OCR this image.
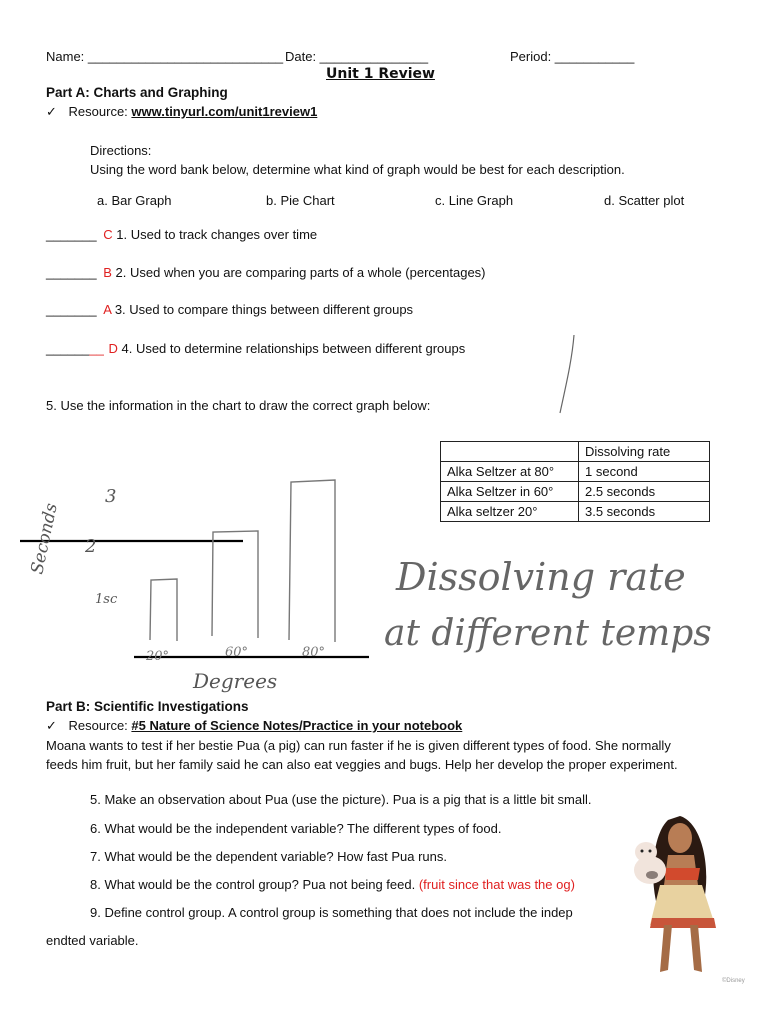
Name: ___________________________ Date: _______________	Period: ___________
Unit 1 Review
Part A: Charts and Graphing
✓ Resource: www.tinyurl.com/unit1review1
Directions:
Using the word bank below, determine what kind of graph would be best for each description.
a. Bar Graph	b. Pie Chart	c. Line Graph	d. Scatter plot
_______ C 1. Used to track changes over time
_______ B 2. Used when you are comparing parts of a whole (percentages)
_______ A 3. Used to compare things between different groups
________ D 4. Used to determine relationships between different groups
5. Use the information in the chart to draw the correct graph below:
	Dissolving rate
Alka Seltzer at 80°	1 second
Alka Seltzer in 60°	2.5 seconds
Alka seltzer 20°	3.5 seconds
Seconds
3
2
1sc
20°	60°	80°
Degrees
Dissolving rate
at different temps
Part B: Scientific Investigations
✓ Resource: #5 Nature of Science Notes/Practice in your notebook
Moana wants to test if her bestie Pua (a pig) can run faster if he is given different types of food. She normally
feeds him fruit, but her family said he can also eat veggies and bugs. Help her develop the proper experiment.
5. Make an observation about Pua (use the picture). Pua is a pig that is a little bit small.
6. What would be the independent variable? The different types of food.
7. What would be the dependent variable? How fast Pua runs.
8. What would be the control group? Pua not being feed. (fruit since that was the og)
9. Define control group. A control group is something that does not include the indep
endted variable.
©Disney
